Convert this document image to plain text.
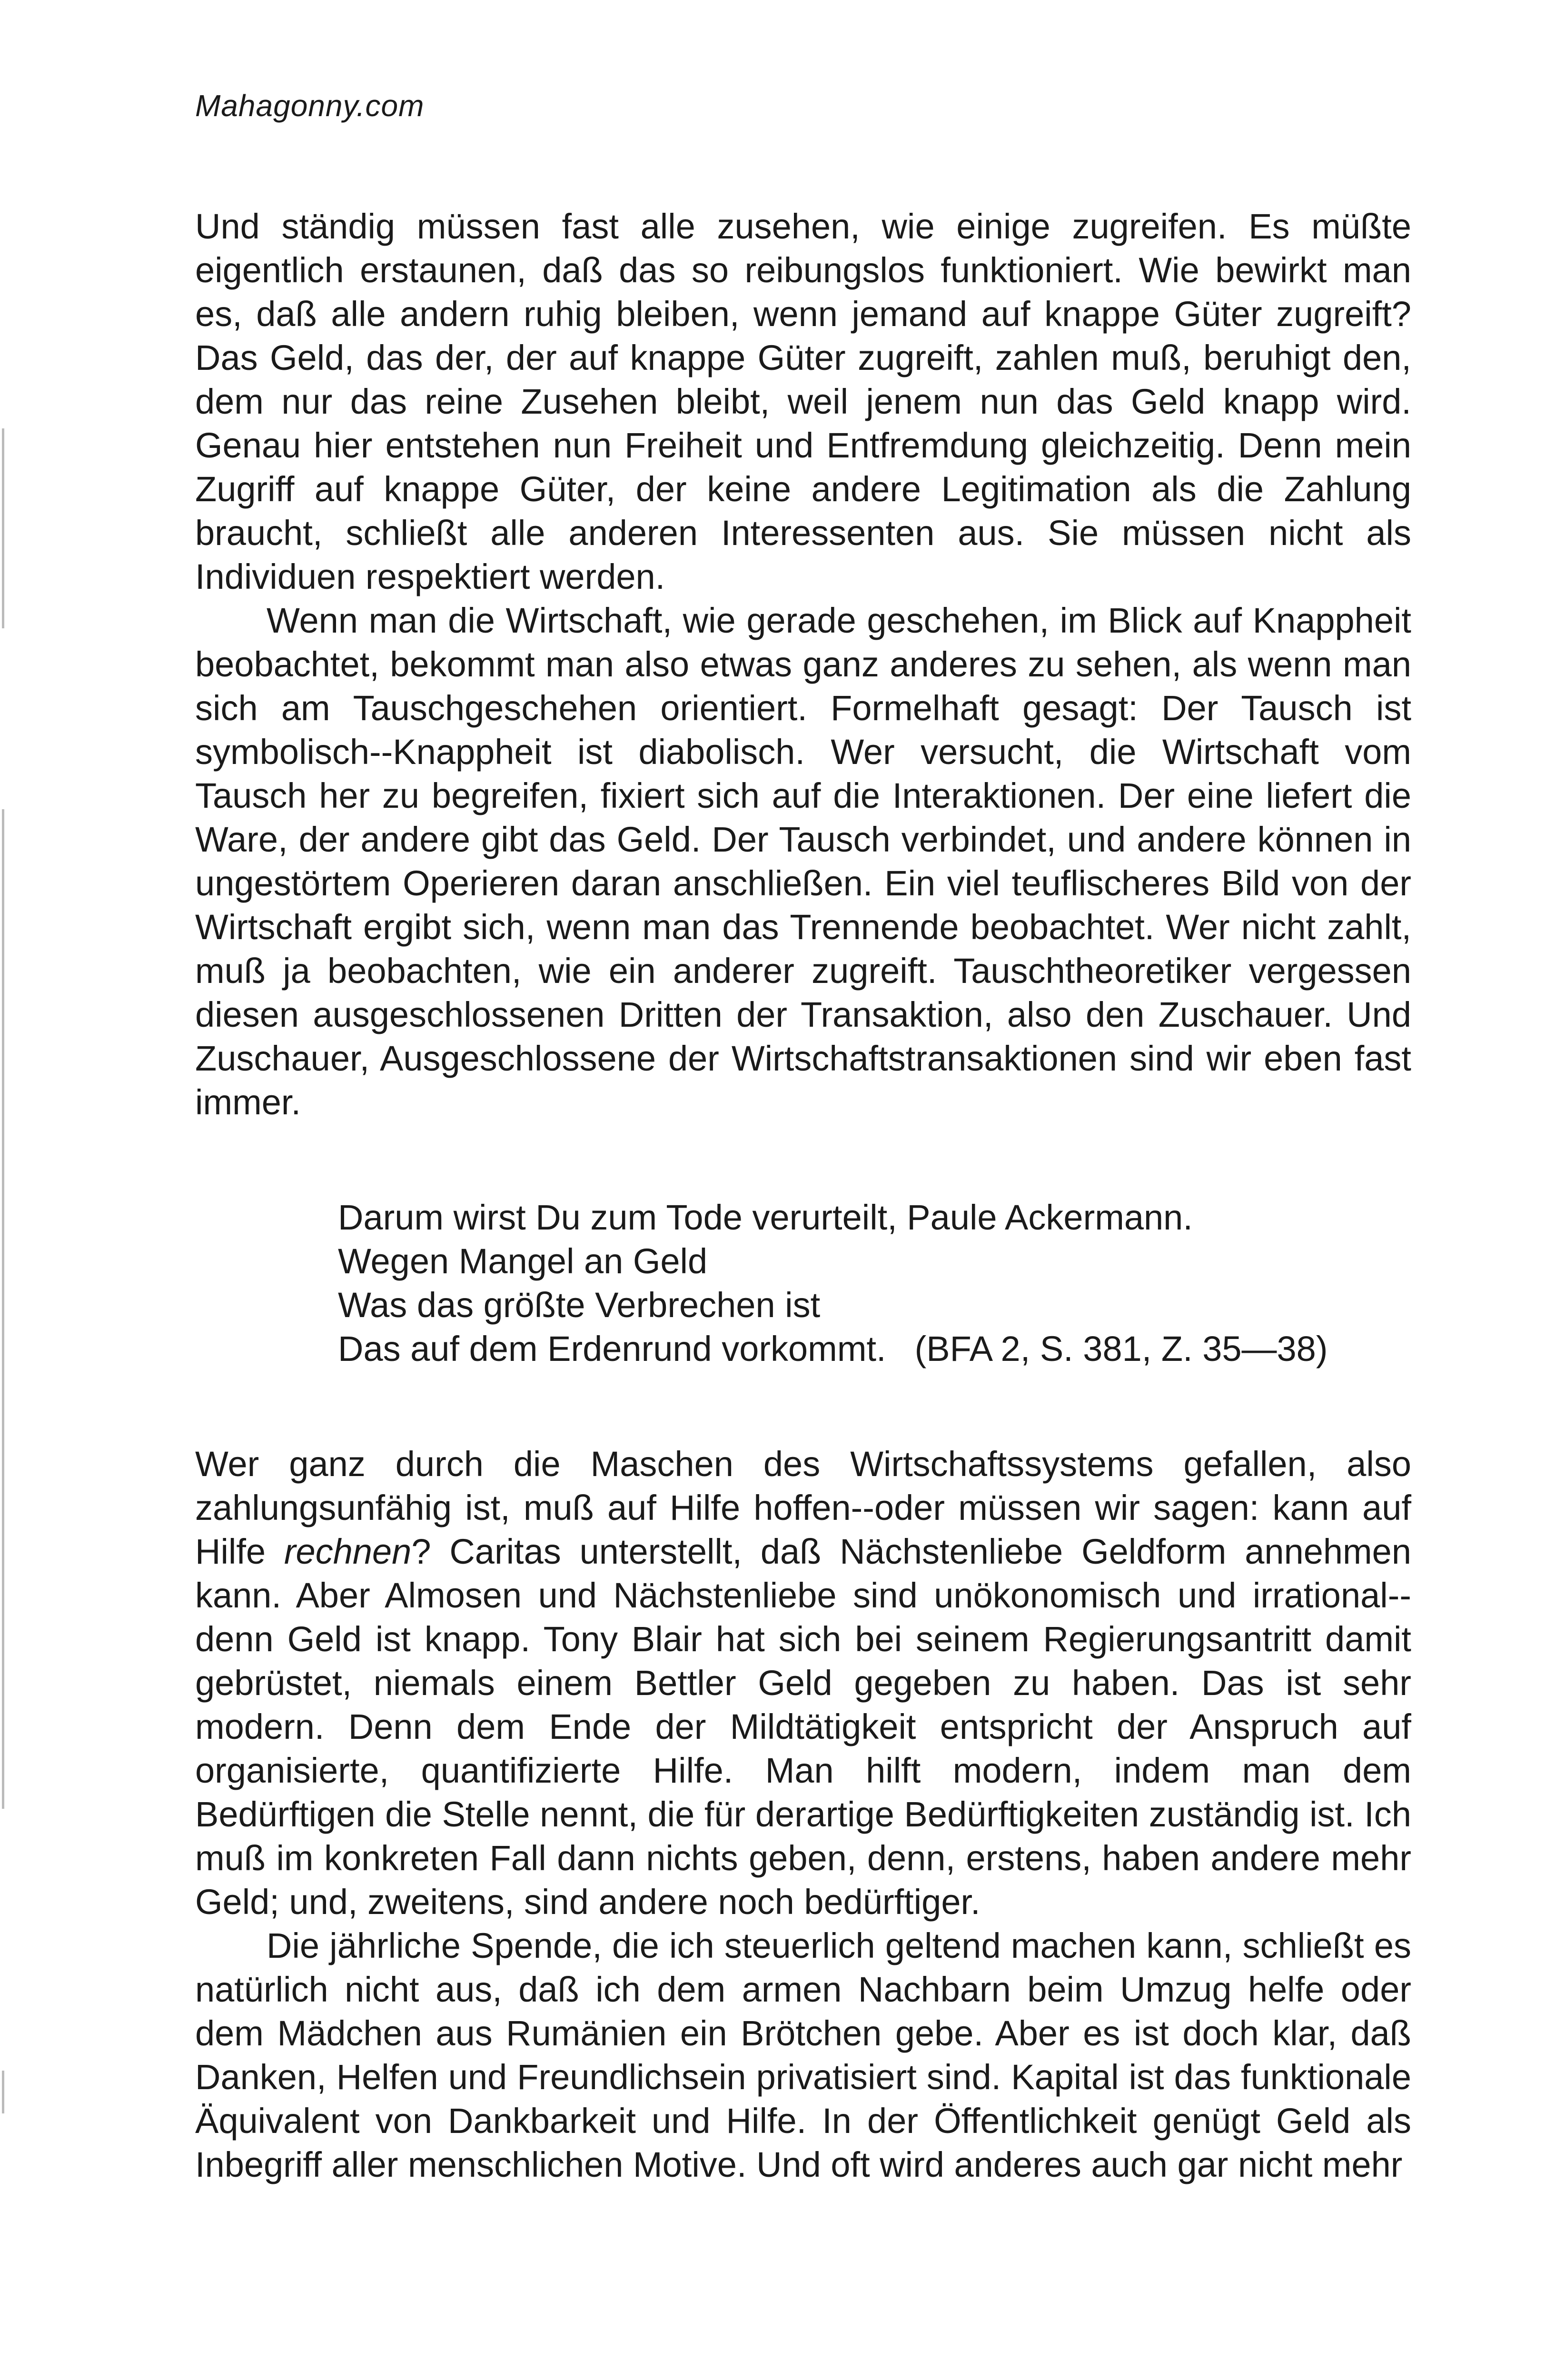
Mahagonny.com

Und ständig müssen fast alle zusehen, wie einige zugreifen. Es müßte eigentlich erstaunen, daß das so reibungslos funktioniert. Wie bewirkt man es, daß alle andern ruhig bleiben, wenn jemand auf knappe Güter zugreift? Das Geld, das der, der auf knappe Güter zugreift, zahlen muß, beruhigt den, dem nur das reine Zusehen bleibt, weil jenem nun das Geld knapp wird. Genau hier entstehen nun Freiheit und Entfremdung gleichzeitig. Denn mein Zugriff auf knappe Güter, der keine andere Legitimation als die Zahlung braucht, schließt alle anderen Interessenten aus. Sie müssen nicht als Individuen respektiert werden.

Wenn man die Wirtschaft, wie gerade geschehen, im Blick auf Knappheit beobachtet, bekommt man also etwas ganz anderes zu sehen, als wenn man sich am Tauschgeschehen orientiert. Formelhaft gesagt: Der Tausch ist symbolisch--Knappheit ist diabolisch. Wer versucht, die Wirtschaft vom Tausch her zu begreifen, fixiert sich auf die Interaktionen. Der eine liefert die Ware, der andere gibt das Geld. Der Tausch verbindet, und andere können in ungestörtem Operieren daran anschließen. Ein viel teuflischeres Bild von der Wirtschaft ergibt sich, wenn man das Trennende beobachtet. Wer nicht zahlt, muß ja beobachten, wie ein anderer zugreift. Tauschtheoretiker vergessen diesen ausgeschlossenen Dritten der Transaktion, also den Zuschauer. Und Zuschauer, Ausgeschlossene der Wirtschaftstransaktionen sind wir eben fast immer.

Darum wirst Du zum Tode verurteilt, Paule Ackermann.
Wegen Mangel an Geld
Was das größte Verbrechen ist
Das auf dem Erdenrund vorkommt. (BFA 2, S. 381, Z. 35—38)

Wer ganz durch die Maschen des Wirtschaftssystems gefallen, also zahlungsunfähig ist, muß auf Hilfe hoffen--oder müssen wir sagen: kann auf Hilfe rechnen? Caritas unterstellt, daß Nächstenliebe Geldform annehmen kann. Aber Almosen und Nächstenliebe sind unökonomisch und irrational--denn Geld ist knapp. Tony Blair hat sich bei seinem Regierungsantritt damit gebrüstet, niemals einem Bettler Geld gegeben zu haben. Das ist sehr modern. Denn dem Ende der Mildtätigkeit entspricht der Anspruch auf organisierte, quantifizierte Hilfe. Man hilft modern, indem man dem Bedürftigen die Stelle nennt, die für derartige Bedürftigkeiten zuständig ist. Ich muß im konkreten Fall dann nichts geben, denn, erstens, haben andere mehr Geld; und, zweitens, sind andere noch bedürftiger.

Die jährliche Spende, die ich steuerlich geltend machen kann, schließt es natürlich nicht aus, daß ich dem armen Nachbarn beim Umzug helfe oder dem Mädchen aus Rumänien ein Brötchen gebe. Aber es ist doch klar, daß Danken, Helfen und Freundlichsein privatisiert sind. Kapital ist das funktionale Äquivalent von Dankbarkeit und Hilfe. In der Öffentlichkeit genügt Geld als Inbegriff aller menschlichen Motive. Und oft wird anderes auch gar nicht mehr
